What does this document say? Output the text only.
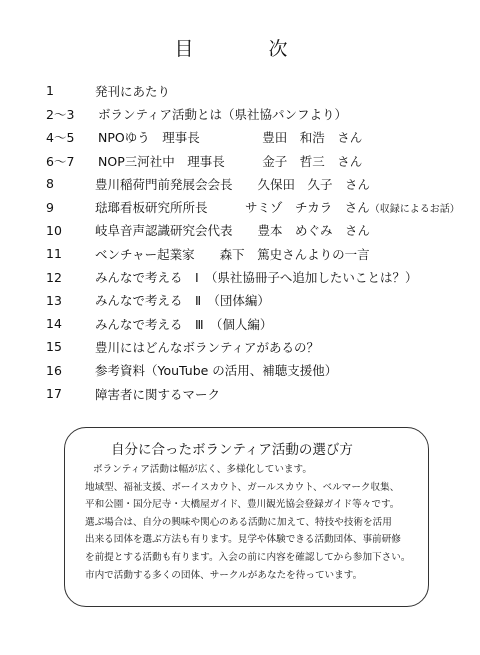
目　次
1	発刊にあたり
2〜3	ボランティア活動とは（県社協パンフより）
4〜5	NPOゆう　理事長　　　　　豊田　和浩　さん
6〜7	NOP三河社中　理事長　　　金子　哲三　さん
8	豊川稲荷門前発展会会長　　久保田　久子　さん
9	琺瑯看板研究所所長　　　サミゾ　チカラ　さん （収録によるお話）
10	岐阜音声認識研究会代表　　豊本　めぐみ　さん
11	ベンチャー起業家　　森下　篤史さんよりの一言
12	みんなで考える　Ⅰ　（県社協冊子へ追加したいことは？）
13	みんなで考える　Ⅱ　（団体編）
14	みんなで考える　Ⅲ　（個人編）
15	豊川にはどんなボランティアがあるの？
16	参考資料（YouTube の活用、補聴支援他）
17	障害者に関するマーク
自分に合ったボランティア活動の選び方
ボランティア活動は幅が広く、多様化しています。
地域型、福祉支援、ボーイスカウト、ガールスカウト、ベルマーク収集、
平和公園・国分尼寺・大橋屋ガイド、豊川観光協会登録ガイド等々です。
選ぶ場合は、自分の興味や関心のある活動に加えて、特技や技術を活用
出来る団体を選ぶ方法も有ります。見学や体験できる活動団体、事前研修
を前提とする活動も有ります。入会の前に内容を確認してから参加下さい。
市内で活動する多くの団体、サークルがあなたを待っています。
